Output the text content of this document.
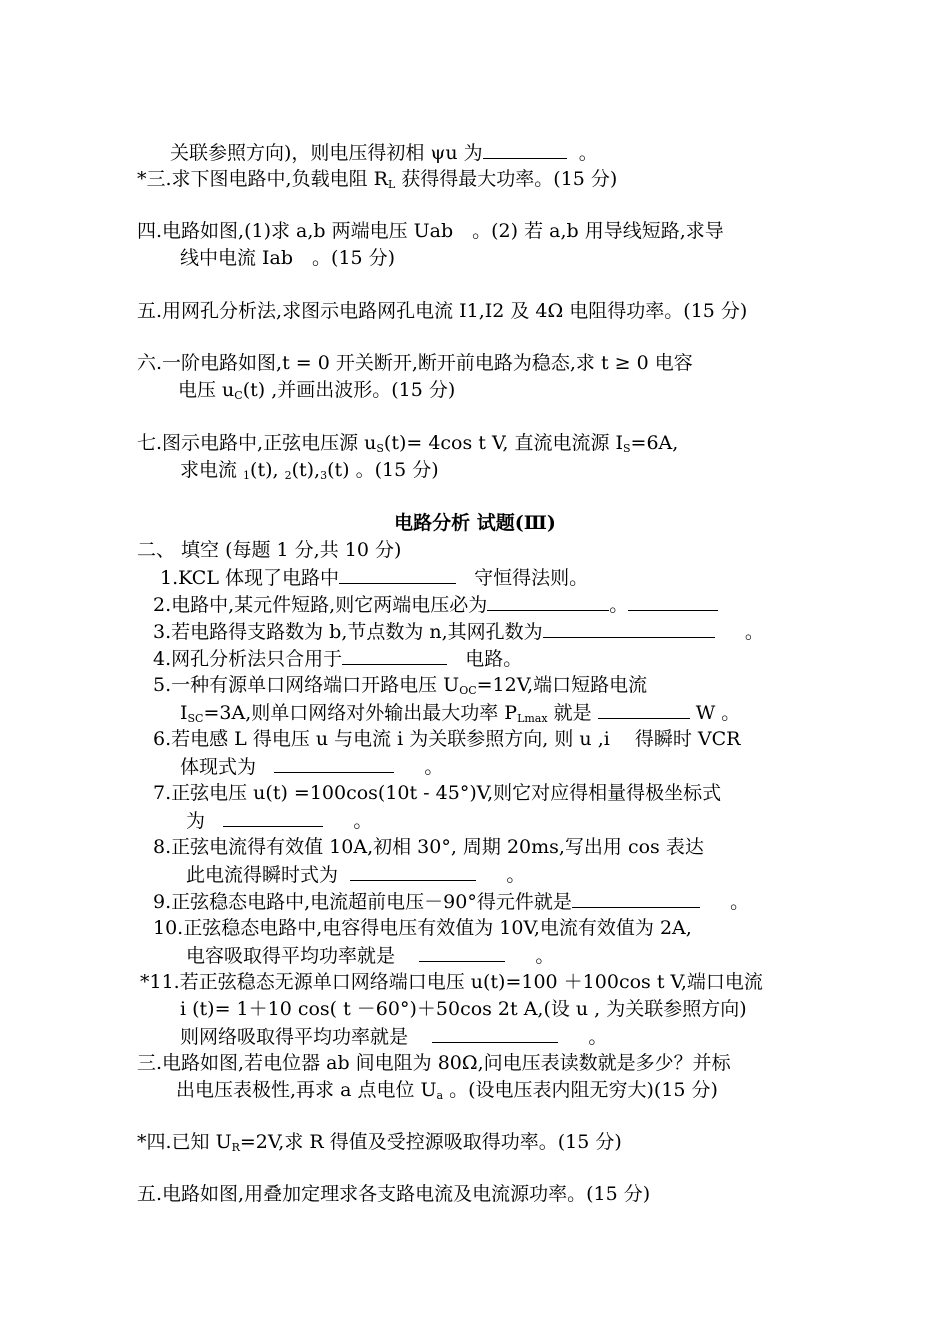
关联参照方向)，则电压得初相 ψu 为	。
*三.求下图电路中,负载电阻 $R_L$ 获得得最大功率。(15 分)
四.电路如图,(1)求 a,b 两端电压 Uab　。(2) 若 a,b 用导线短路,求导
线中电流 Iab　。(15 分)
五.用网孔分析法,求图示电路网孔电流 I1,I2 及 4Ω 电阻得功率。(15 分)
六.一阶电路如图,t = 0 开关断开,断开前电路为稳态,求 t ≥ 0 电容
电压 $u_C(t)$ ,并画出波形。(15 分)
七.图示电路中,正弦电压源 $u_S(t)= 4\cos$ t V, 直流电流源 $I_S=6A$,
求电流 $_1$(t), $_2(t),_3(t)$ 。(15 分)
电路分析 试题(Ⅲ)
二、 填空 (每题 1 分,共 10 分)
1.KCL 体现了电路中	守恒得法则。
2.电路中,某元件短路,则它两端电压必为	。
3.若电路得支路数为 b,节点数为 n,其网孔数为	。
4.网孔分析法只合用于	电路。
5.一种有源单口网络端口开路电压 $U_{OC}=12V$,端口短路电流
$I_{SC}=3A$,则单口网络对外输出最大功率 $P_{Lmax}$ 就是	W 。
6.若电感 L 得电压 u 与电流 i 为关联参照方向, 则 u ,i　 得瞬时 VCR
体现式为	。
7.正弦电压 u(t) =100cos(10t - 45°)V,则它对应得相量得极坐标式
为	。
8.正弦电流得有效值 10A,初相 30°, 周期 20ms,写出用 cos 表达
此电流得瞬时式为	。
9.正弦稳态电路中,电流超前电压－90°得元件就是	。
10.正弦稳态电路中,电容得电压有效值为 10V,电流有效值为 2A,
电容吸取得平均功率就是	。
*11.若正弦稳态无源单口网络端口电压 u(t)=100 ＋100cos t V,端口电流
i (t)= 1＋10 cos( t －60°)＋50cos 2t A,(设 u , 为关联参照方向)
则网络吸取得平均功率就是	。
三.电路如图,若电位器 ab 间电阻为 80Ω,问电压表读数就是多少？并标
出电压表极性,再求 a 点电位 $U_a$ 。(设电压表内阻无穷大)(15 分)
*四.已知 $U_R=2V$,求 R 得值及受控源吸取得功率。(15 分)
五.电路如图,用叠加定理求各支路电流及电流源功率。(15 分)
